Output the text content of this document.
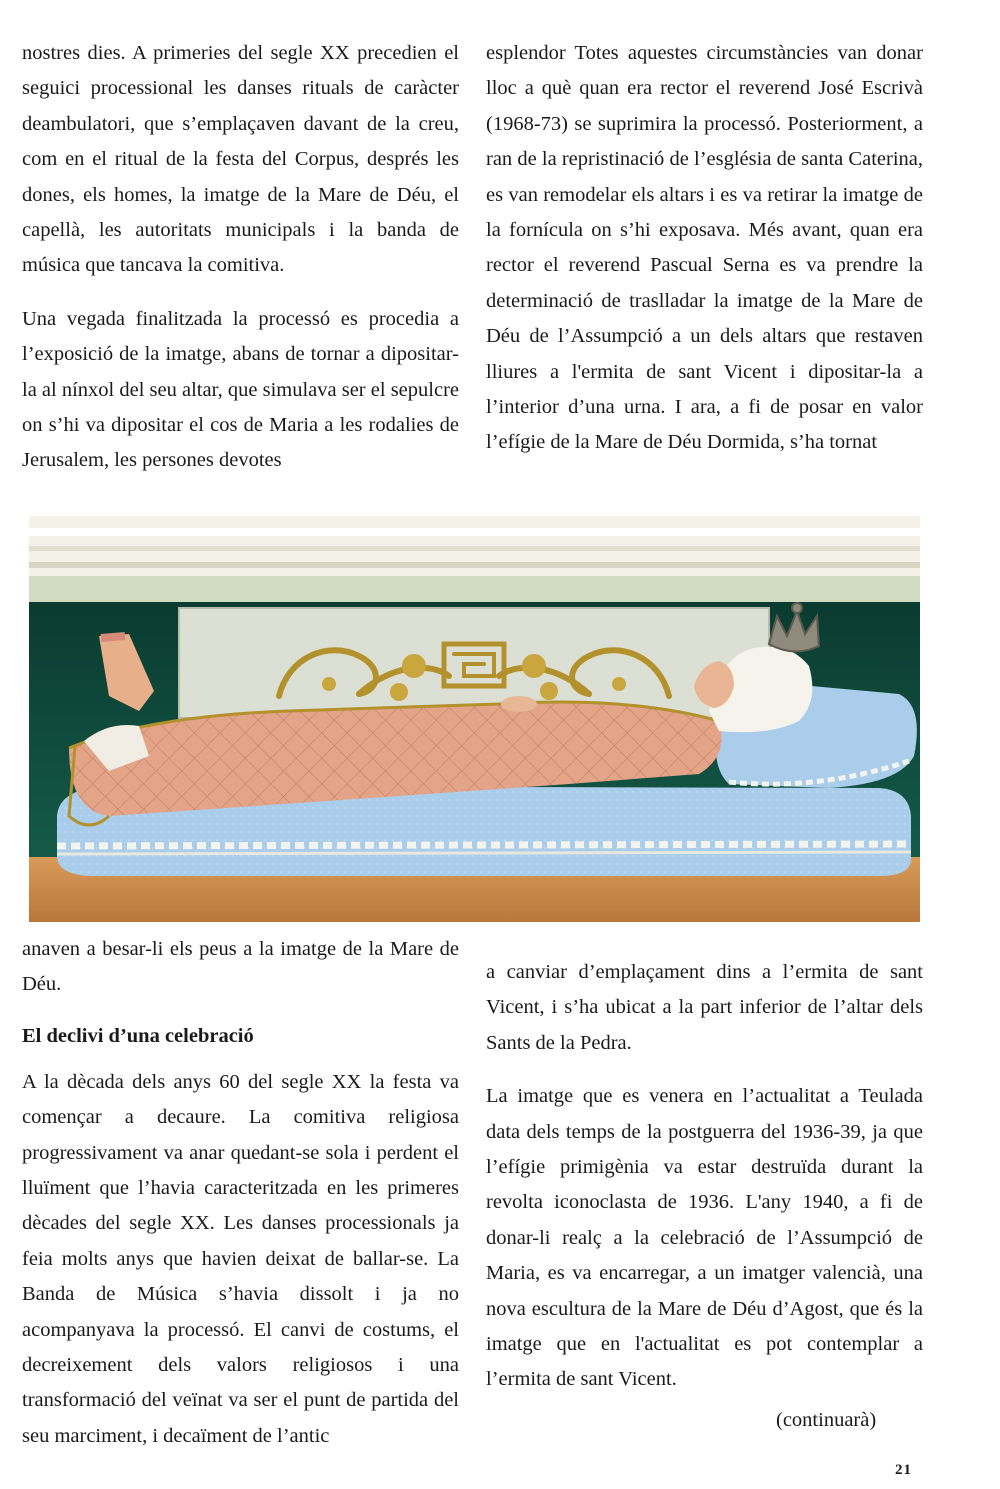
nostres dies. A primeries del segle XX precedien el seguici processional les danses rituals de caràcter deambulatori, que s’emplaçaven davant de la creu, com en el ritual de la festa del Corpus, després les dones, els homes, la imatge de la Mare de Déu, el capellà, les autoritats municipals i la banda de música que tancava la comitiva.

Una vegada finalitzada la processó es procedia a l’exposició de la imatge, abans de tornar a dipositar-la al nínxol del seu altar, que simulava ser el sepulcre on s’hi va dipositar el cos de Maria a les rodalies de Jerusalem, les persones devotes

esplendor Totes aquestes circumstàncies van donar lloc a què quan era rector el reverend José Escrivà (1968-73) se suprimira la processó. Posteriorment, a ran de la repristinació de l’església de santa Caterina, es van remodelar els altars i es va retirar la imatge de la fornícula on s’hi exposava. Més avant, quan era rector el reverend Pascual Serna es va prendre la determinació de traslladar la imatge de la Mare de Déu de l’Assumpció a un dels altars que restaven lliures a l'ermita de sant Vicent i dipositar-la a l’interior d’una urna. I ara, a fi de posar en valor l’efígie de la Mare de Déu Dormida, s’ha tornat

anaven a besar-li els peus a la imatge de la Mare de Déu.

El declivi d’una celebració

A la dècada dels anys 60 del segle XX la festa va començar a decaure. La comitiva religiosa progressivament va anar quedant-se sola i perdent el lluïment que l’havia caracteritzada en les primeres dècades del segle XX. Les danses processionals ja feia molts anys que havien deixat de ballar-se. La Banda de Música s’havia dissolt i ja no acompanyava la processó. El canvi de costums, el decreixement dels valors religiosos i una transformació del veïnat va ser el punt de partida del seu marciment, i decaïment de l’antic

a canviar d’emplaçament dins a l’ermita de sant Vicent, i s’ha ubicat a la part inferior de l’altar dels Sants de la Pedra.

La imatge que es venera en l’actualitat a Teulada data dels temps de la postguerra del 1936-39, ja que l’efígie primigènia va estar destruïda durant la revolta iconoclasta de 1936. L'any 1940, a fi de donar-li realç a la celebració de l’Assumpció de Maria, es va encarregar, a un imatger valencià, una nova escultura de la Mare de Déu d’Agost, que és la imatge que en l'actualitat es pot contemplar a l’ermita de sant Vicent.

(continuarà)
21
